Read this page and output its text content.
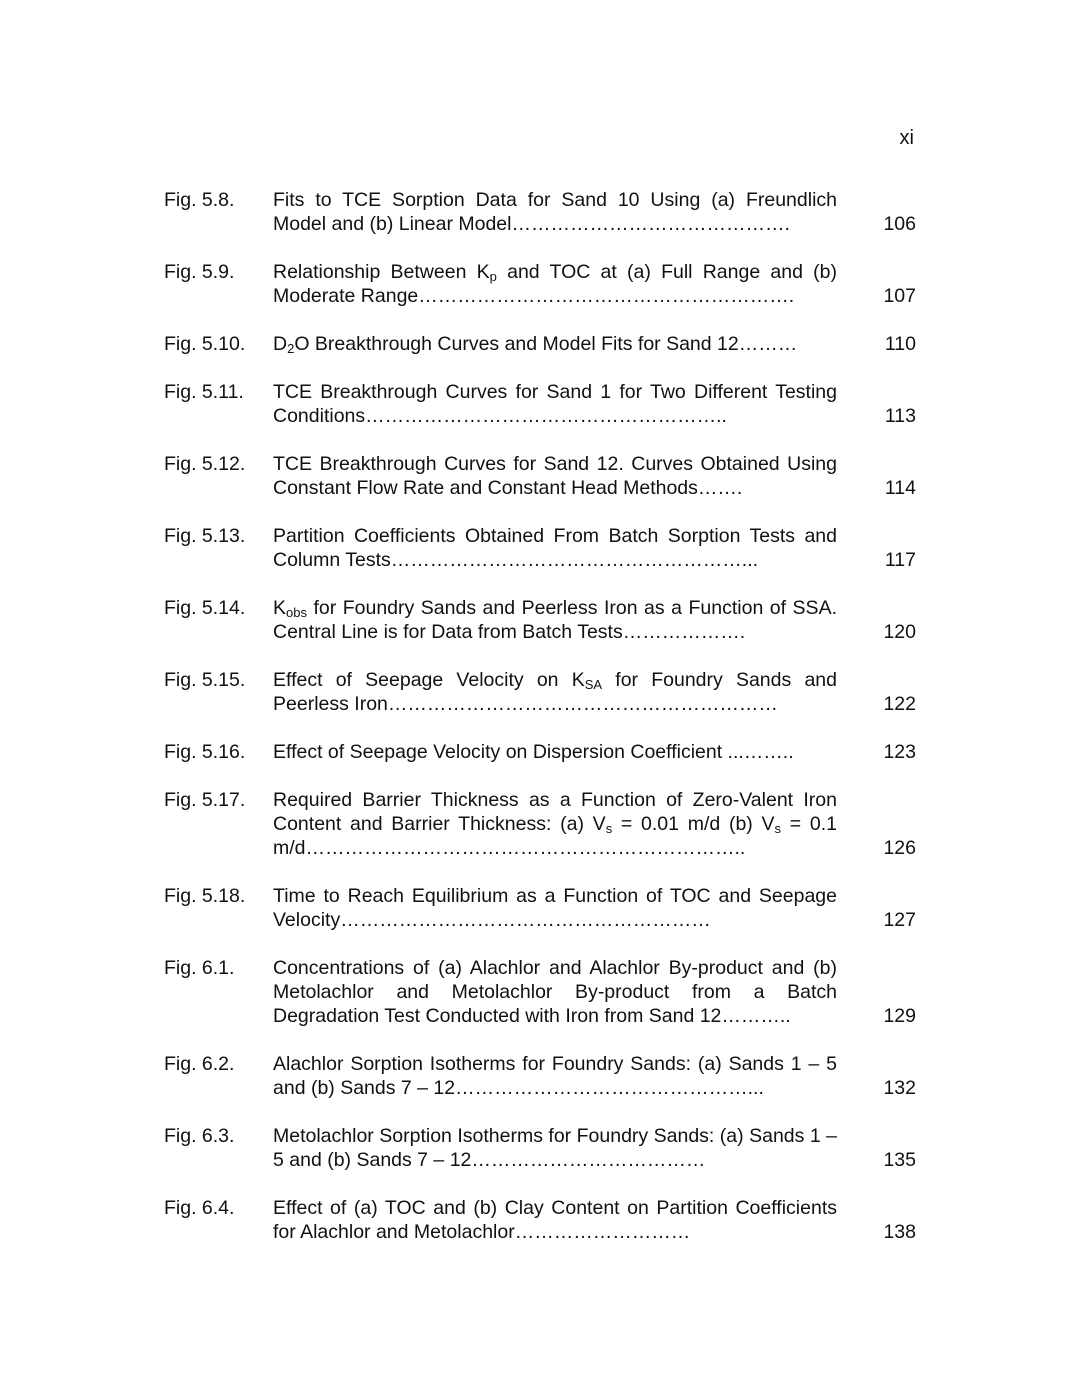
xi
Fig. 5.8.	Fits to TCE Sorption Data for Sand 10 Using (a) Freundlich Model and (b) Linear Model…………………………………….	106
Fig. 5.9.	Relationship Between $K_p$ and TOC at (a) Full Range and (b) Moderate Range………………………………………………….	107
Fig. 5.10.	$D_2O$ Breakthrough Curves and Model Fits for Sand 12………	110
Fig. 5.11.	TCE Breakthrough Curves for Sand 1 for Two Different Testing Conditions………………………………………………..	113
Fig. 5.12.	TCE Breakthrough Curves for Sand 12. Curves Obtained Using Constant Flow Rate and Constant Head Methods…….	114
Fig. 5.13.	Partition Coefficients Obtained From Batch Sorption Tests and Column Tests………………………………………………...	117
Fig. 5.14.	$K_{obs}$ for Foundry Sands and Peerless Iron as a Function of SSA. Central Line is for Data from Batch Tests……………….	120
Fig. 5.15.	Effect of Seepage Velocity on $K_{SA}$ for Foundry Sands and Peerless Iron……………………………………………………	122
Fig. 5.16.	Effect of Seepage Velocity on Dispersion Coefficient ...……..	123
Fig. 5.17.	Required Barrier Thickness as a Function of Zero-Valent Iron Content and Barrier Thickness: (a) $V_s = 0.01$ m/d (b) $V_s = 0.1$ m/d…………………………………………………………..	126
Fig. 5.18.	Time to Reach Equilibrium as a Function of TOC and Seepage Velocity…………………………………………………	127
Fig. 6.1.	Concentrations of (a) Alachlor and Alachlor By-product and (b) Metolachlor and Metolachlor By-product from a Batch Degradation Test Conducted with Iron from Sand 12………..	129
Fig. 6.2.	Alachlor Sorption Isotherms for Foundry Sands: (a) Sands 1 – 5 and (b) Sands 7 – 12………………………………………...	132
Fig. 6.3.	Metolachlor Sorption Isotherms for Foundry Sands: (a) Sands 1 – 5 and (b) Sands 7 – 12………………………………	135
Fig. 6.4.	Effect of (a) TOC and (b) Clay Content on Partition Coefficients for Alachlor and Metolachlor………………………	138
